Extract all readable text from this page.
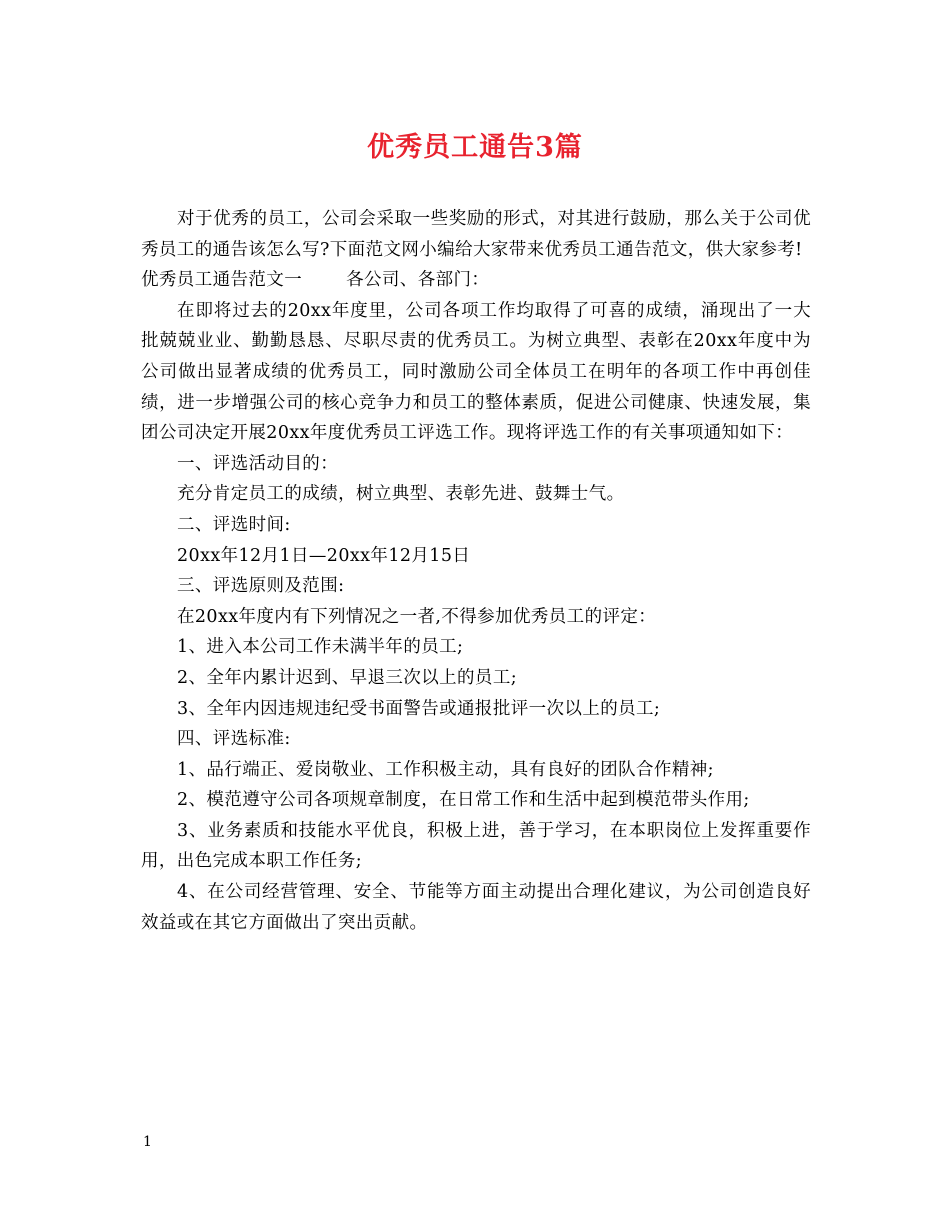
优秀员工通告3篇

对于优秀的员工，公司会采取一些奖励的形式，对其进行鼓励，那么关于公司优秀员工的通告该怎么写?下面范文网小编给大家带来优秀员工通告范文，供大家参考!

优秀员工通告范文一	各公司、各部门：

在即将过去的20xx年度里，公司各项工作均取得了可喜的成绩，涌现出了一大批兢兢业业、勤勤恳恳、尽职尽责的优秀员工。为树立典型、表彰在20xx年度中为公司做出显著成绩的优秀员工，同时激励公司全体员工在明年的各项工作中再创佳绩，进一步增强公司的核心竞争力和员工的整体素质，促进公司健康、快速发展，集团公司决定开展20xx年度优秀员工评选工作。现将评选工作的有关事项通知如下：

一、评选活动目的：

充分肯定员工的成绩，树立典型、表彰先进、鼓舞士气。

二、评选时间:

20xx年12月1日—20xx年12月15日

三、评选原则及范围:

在20xx年度内有下列情况之一者,不得参加优秀员工的评定：

1、进入本公司工作未满半年的员工;

2、全年内累计迟到、早退三次以上的员工;

3、全年内因违规违纪受书面警告或通报批评一次以上的员工;

四、评选标准:

1、品行端正、爱岗敬业、工作积极主动，具有良好的团队合作精神;

2、模范遵守公司各项规章制度，在日常工作和生活中起到模范带头作用;

3、业务素质和技能水平优良，积极上进，善于学习，在本职岗位上发挥重要作用，出色完成本职工作任务;

4、在公司经营管理、安全、节能等方面主动提出合理化建议，为公司创造良好效益或在其它方面做出了突出贡献。

1
